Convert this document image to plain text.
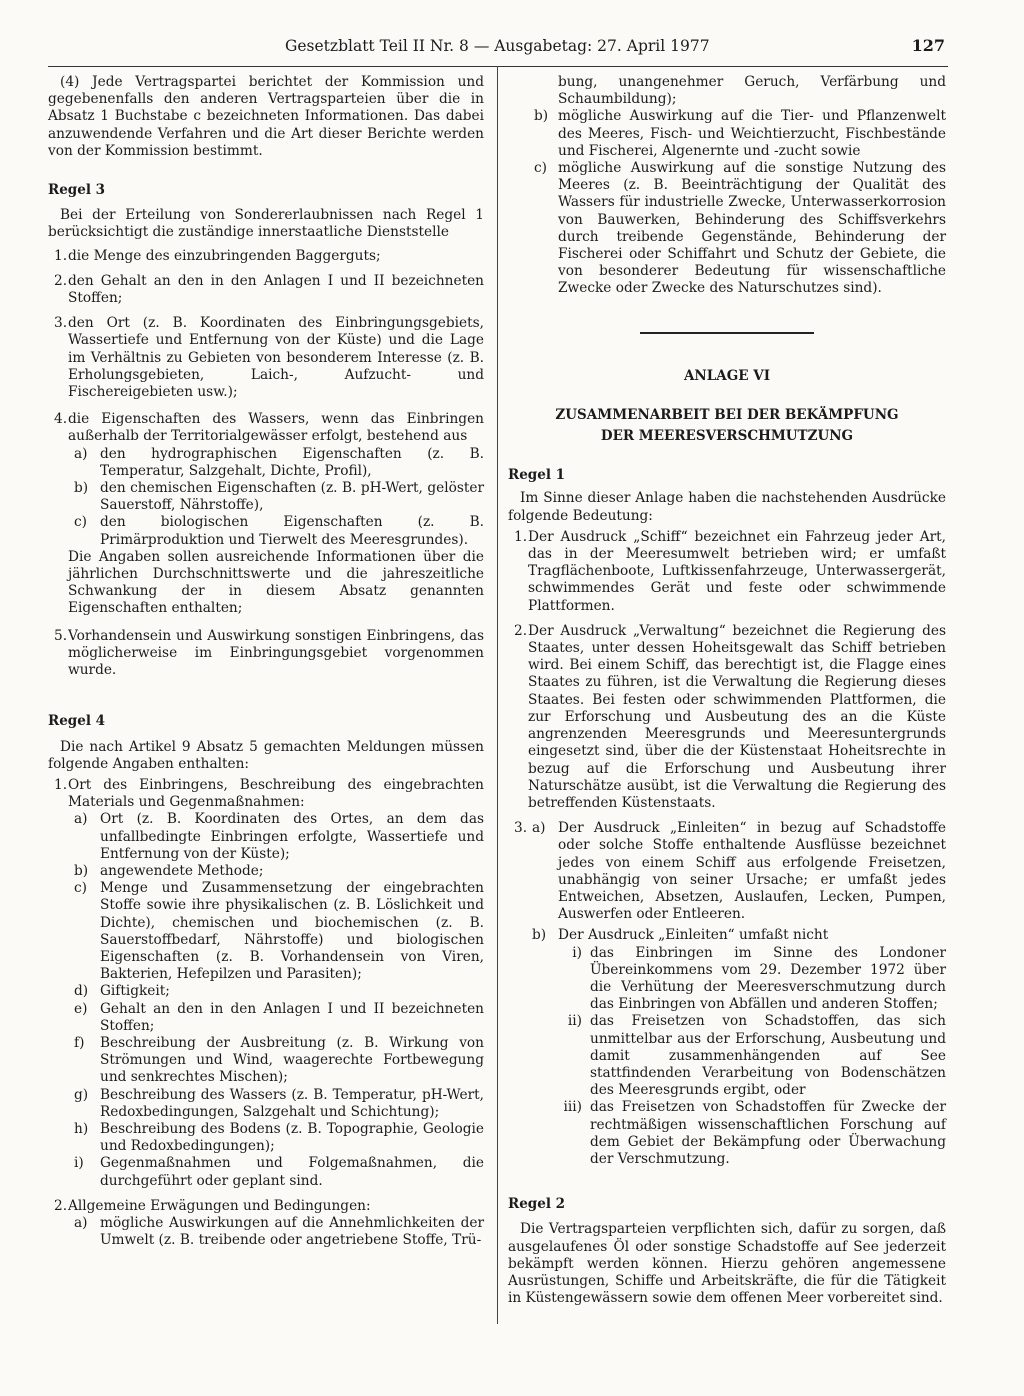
Gesetzblatt Teil II Nr. 8 — Ausgabetag: 27. April 1977	127

(4) Jede Vertragspartei berichtet der Kommission und gegebenenfalls den anderen Vertragsparteien über die in Absatz 1 Buchstabe c bezeichneten Informationen. Das dabei anzuwendende Verfahren und die Art dieser Berichte werden von der Kommission bestimmt.

Regel 3

Bei der Erteilung von Sondererlaubnissen nach Regel 1 berücksichtigt die zuständige innerstaatliche Dienststelle

1. die Menge des einzubringenden Baggerguts;
2. den Gehalt an den in den Anlagen I und II bezeichneten Stoffen;
3. den Ort (z. B. Koordinaten des Einbringungsgebiets, Wassertiefe und Entfernung von der Küste) und die Lage im Verhältnis zu Gebieten von besonderem Interesse (z. B. Erholungsgebieten, Laich-, Aufzucht- und Fischereigebieten usw.);
4. die Eigenschaften des Wassers, wenn das Einbringen außerhalb der Territorialgewässer erfolgt, bestehend aus
a) den hydrographischen Eigenschaften (z. B. Temperatur, Salzgehalt, Dichte, Profil),
b) den chemischen Eigenschaften (z. B. pH-Wert, gelöster Sauerstoff, Nährstoffe),
c) den biologischen Eigenschaften (z. B. Primärproduktion und Tierwelt des Meeresgrundes).
Die Angaben sollen ausreichende Informationen über die jährlichen Durchschnittswerte und die jahreszeitliche Schwankung der in diesem Absatz genannten Eigenschaften enthalten;
5. Vorhandensein und Auswirkung sonstigen Einbringens, das möglicherweise im Einbringungsgebiet vorgenommen wurde.

Regel 4

Die nach Artikel 9 Absatz 5 gemachten Meldungen müssen folgende Angaben enthalten:

1. Ort des Einbringens, Beschreibung des eingebrachten Materials und Gegenmaßnahmen:
a) Ort (z. B. Koordinaten des Ortes, an dem das unfallbedingte Einbringen erfolgte, Wassertiefe und Entfernung von der Küste);
b) angewendete Methode;
c) Menge und Zusammensetzung der eingebrachten Stoffe sowie ihre physikalischen (z. B. Löslichkeit und Dichte), chemischen und biochemischen (z. B. Sauerstoffbedarf, Nährstoffe) und biologischen Eigenschaften (z. B. Vorhandensein von Viren, Bakterien, Hefepilzen und Parasiten);
d) Giftigkeit;
e) Gehalt an den in den Anlagen I und II bezeichneten Stoffen;
f) Beschreibung der Ausbreitung (z. B. Wirkung von Strömungen und Wind, waagerechte Fortbewegung und senkrechtes Mischen);
g) Beschreibung des Wassers (z. B. Temperatur, pH-Wert, Redoxbedingungen, Salzgehalt und Schichtung);
h) Beschreibung des Bodens (z. B. Topographie, Geologie und Redoxbedingungen);
i) Gegenmaßnahmen und Folgemaßnahmen, die durchgeführt oder geplant sind.
2. Allgemeine Erwägungen und Bedingungen:
a) mögliche Auswirkungen auf die Annehmlichkeiten der Umwelt (z. B. treibende oder angetriebene Stoffe, Trü-
bung, unangenehmer Geruch, Verfärbung und Schaumbildung);
b) mögliche Auswirkung auf die Tier- und Pflanzenwelt des Meeres, Fisch- und Weichtierzucht, Fischbestände und Fischerei, Algenernte und -zucht sowie
c) mögliche Auswirkung auf die sonstige Nutzung des Meeres (z. B. Beeinträchtigung der Qualität des Wassers für industrielle Zwecke, Unterwasserkorrosion von Bauwerken, Behinderung des Schiffsverkehrs durch treibende Gegenstände, Behinderung der Fischerei oder Schiffahrt und Schutz der Gebiete, die von besonderer Bedeutung für wissenschaftliche Zwecke oder Zwecke des Naturschutzes sind).

ANLAGE VI

ZUSAMMENARBEIT BEI DER BEKÄMPFUNG

DER MEERESVERSCHMUTZUNG

Regel 1

Im Sinne dieser Anlage haben die nachstehenden Ausdrücke folgende Bedeutung:

1. Der Ausdruck „Schiff“ bezeichnet ein Fahrzeug jeder Art, das in der Meeresumwelt betrieben wird; er umfaßt Tragflächenboote, Luftkissenfahrzeuge, Unterwassergerät, schwimmendes Gerät und feste oder schwimmende Plattformen.
2. Der Ausdruck „Verwaltung“ bezeichnet die Regierung des Staates, unter dessen Hoheitsgewalt das Schiff betrieben wird. Bei einem Schiff, das berechtigt ist, die Flagge eines Staates zu führen, ist die Verwaltung die Regierung dieses Staates. Bei festen oder schwimmenden Plattformen, die zur Erforschung und Ausbeutung des an die Küste angrenzenden Meeresgrunds und Meeresuntergrunds eingesetzt sind, über die der Küstenstaat Hoheitsrechte in bezug auf die Erforschung und Ausbeutung ihrer Naturschätze ausübt, ist die Verwaltung die Regierung des betreffenden Küstenstaats.
3. a) Der Ausdruck „Einleiten“ in bezug auf Schadstoffe oder solche Stoffe enthaltende Ausflüsse bezeichnet jedes von einem Schiff aus erfolgende Freisetzen, unabhängig von seiner Ursache; er umfaßt jedes Entweichen, Absetzen, Auslaufen, Lecken, Pumpen, Auswerfen oder Entleeren.
b) Der Ausdruck „Einleiten“ umfaßt nicht
i) das Einbringen im Sinne des Londoner Übereinkommens vom 29. Dezember 1972 über die Verhütung der Meeresverschmutzung durch das Einbringen von Abfällen und anderen Stoffen;
ii) das Freisetzen von Schadstoffen, das sich unmittelbar aus der Erforschung, Ausbeutung und damit zusammenhängenden auf See stattfindenden Verarbeitung von Bodenschätzen des Meeresgrunds ergibt, oder
iii) das Freisetzen von Schadstoffen für Zwecke der rechtmäßigen wissenschaftlichen Forschung auf dem Gebiet der Bekämpfung oder Überwachung der Verschmutzung.

Regel 2

Die Vertragsparteien verpflichten sich, dafür zu sorgen, daß ausgelaufenes Öl oder sonstige Schadstoffe auf See jederzeit bekämpft werden können. Hierzu gehören angemessene Ausrüstungen, Schiffe und Arbeitskräfte, die für die Tätigkeit in Küstengewässern sowie dem offenen Meer vorbereitet sind.
